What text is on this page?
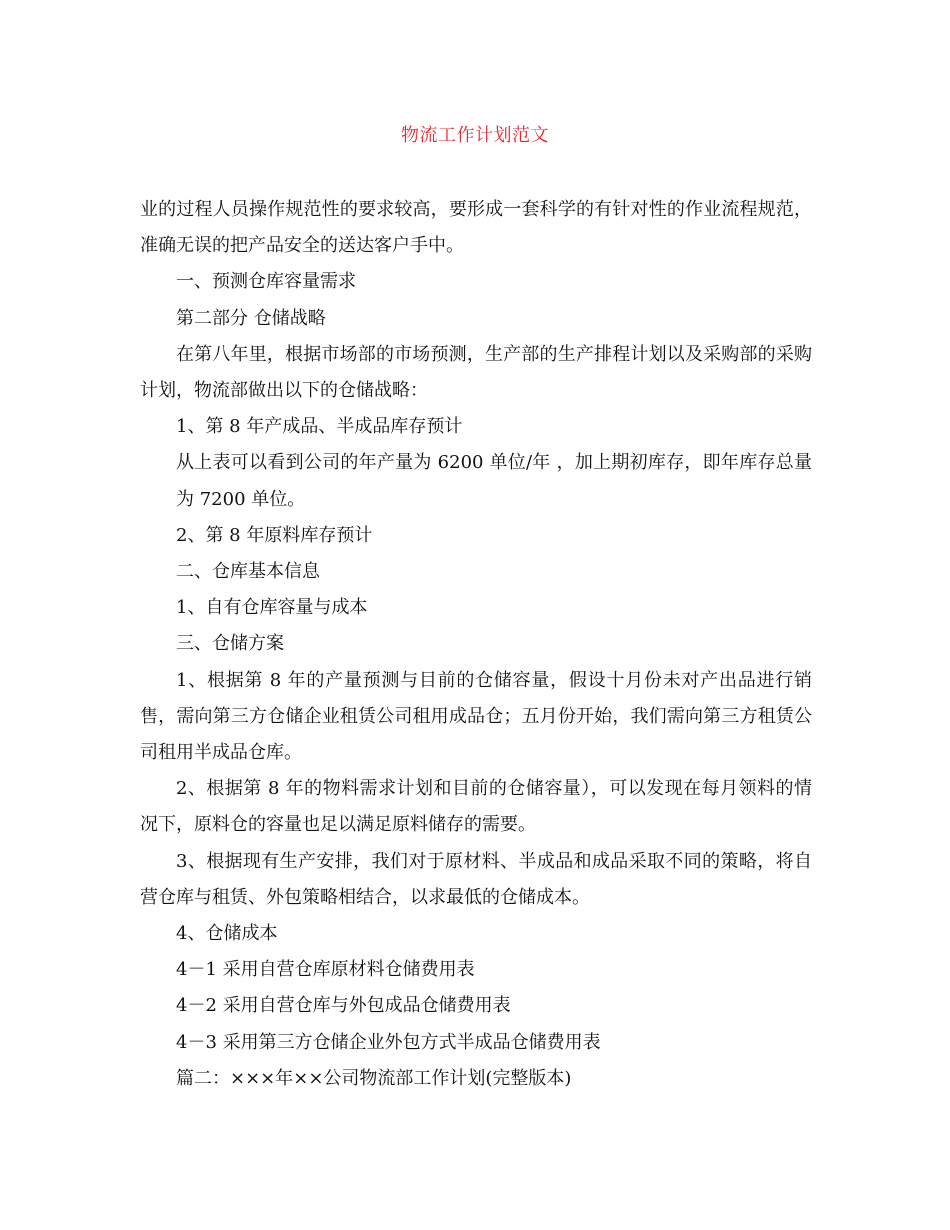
物流工作计划范文

业的过程人员操作规范性的要求较高，要形成一套科学的有针对性的作业流程规范，准确无误的把产品安全的送达客户手中。

一、预测仓库容量需求

第二部分 仓储战略

在第八年里，根据市场部的市场预测，生产部的生产排程计划以及采购部的采购计划，物流部做出以下的仓储战略：

1、第 8 年产成品、半成品库存预计

从上表可以看到公司的年产量为 6200 单位/年 ，加上期初库存，即年库存总量为 7200 单位。

2、第 8 年原料库存预计

二、仓库基本信息

1、自有仓库容量与成本

三、仓储方案

1、根据第 8 年的产量预测与目前的仓储容量，假设十月份未对产出品进行销售，需向第三方仓储企业租赁公司租用成品仓；五月份开始，我们需向第三方租赁公司租用半成品仓库。

2、根据第 8 年的物料需求计划和目前的仓储容量），可以发现在每月领料的情况下，原料仓的容量也足以满足原料储存的需要。

3、根据现有生产安排，我们对于原材料、半成品和成品采取不同的策略，将自营仓库与租赁、外包策略相结合，以求最低的仓储成本。

4、仓储成本

4－1 采用自营仓库原材料仓储费用表

4－2 采用自营仓库与外包成品仓储费用表

4－3 采用第三方仓储企业外包方式半成品仓储费用表

篇二：×××年××公司物流部工作计划(完整版本)
